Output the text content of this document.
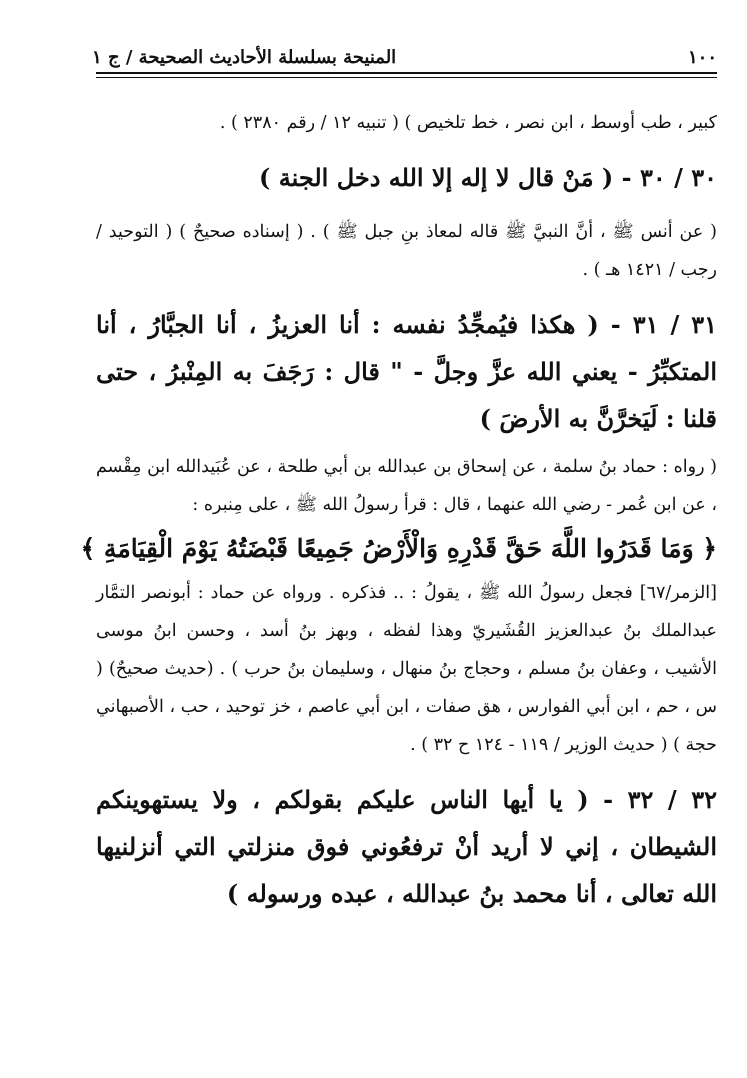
١٠٠
المنيحة بسلسلة الأحاديث الصحيحة / ج ١

كبير ، طب أوسط ، ابن نصر ، خط تلخيص ) ( تنبيه ١٢ / رقم ٢٣٨٠ ) .

٣٠ / ٣٠ - ( مَنْ قال لا إله إلا الله دخل الجنة )

( عن أنس ﷺ ، أنَّ النبيَّ ﷺ قاله لمعاذ بنِ جبل ﷺ ) . ( إسناده صحيحٌ ) ( التوحيد / رجب / ١٤٢١ هـ ) .

٣١ / ٣١ - ( هكذا فيُمجِّدُ نفسه : أنا العزيزُ ، أنا الجبَّارُ ، أنا المتكبِّرُ - يعني الله عزَّ وجلَّ - " قال : رَجَفَ به المِنْبرُ ، حتى قلنا : لَيَخرَّنَّ به الأرضَ )

( رواه : حماد بنُ سلمة ، عن إسحاق بن عبدالله بن أبي طلحة ، عن عُبَيدالله ابن مِقْسم ، عن ابن عُمر - رضي الله عنهما ، قال : قرأ رسولُ الله ﷺ ، على مِنبره :

﴿ وَمَا قَدَرُوا اللَّهَ حَقَّ قَدْرِهِ وَالْأَرْضُ جَمِيعًا قَبْضَتُهُ يَوْمَ الْقِيَامَةِ ﴾

[الزمر/٦٧] فجعل رسولُ الله ﷺ ، يقولُ : .. فذكره . ورواه عن حماد : أبونصر التمَّار عبدالملك بنُ عبدالعزيز القُشَيريّ وهذا لفظه ، وبهز بنُ أسد ، وحسن ابنُ موسى الأشيب ، وعفان بنُ مسلم ، وحجاج بنُ منهال ، وسليمان بنُ حرب ) . (حديث صحيحٌ) ( س ، حم ، ابن أبي الفوارس ، هق صفات ، ابن أبي عاصم ، خز توحيد ، حب ، الأصبهاني حجة ) ( حديث الوزير / ١١٩ - ١٢٤ ح ٣٢ ) .

٣٢ / ٣٢ - ( يا أيها الناس عليكم بقولكم ، ولا يستهوينكم الشيطان ، إني لا أريد أنْ ترفعُوني فوق منزلتي التي أنزلنيها الله تعالى ، أنا محمد بنُ عبدالله ، عبده ورسوله )
